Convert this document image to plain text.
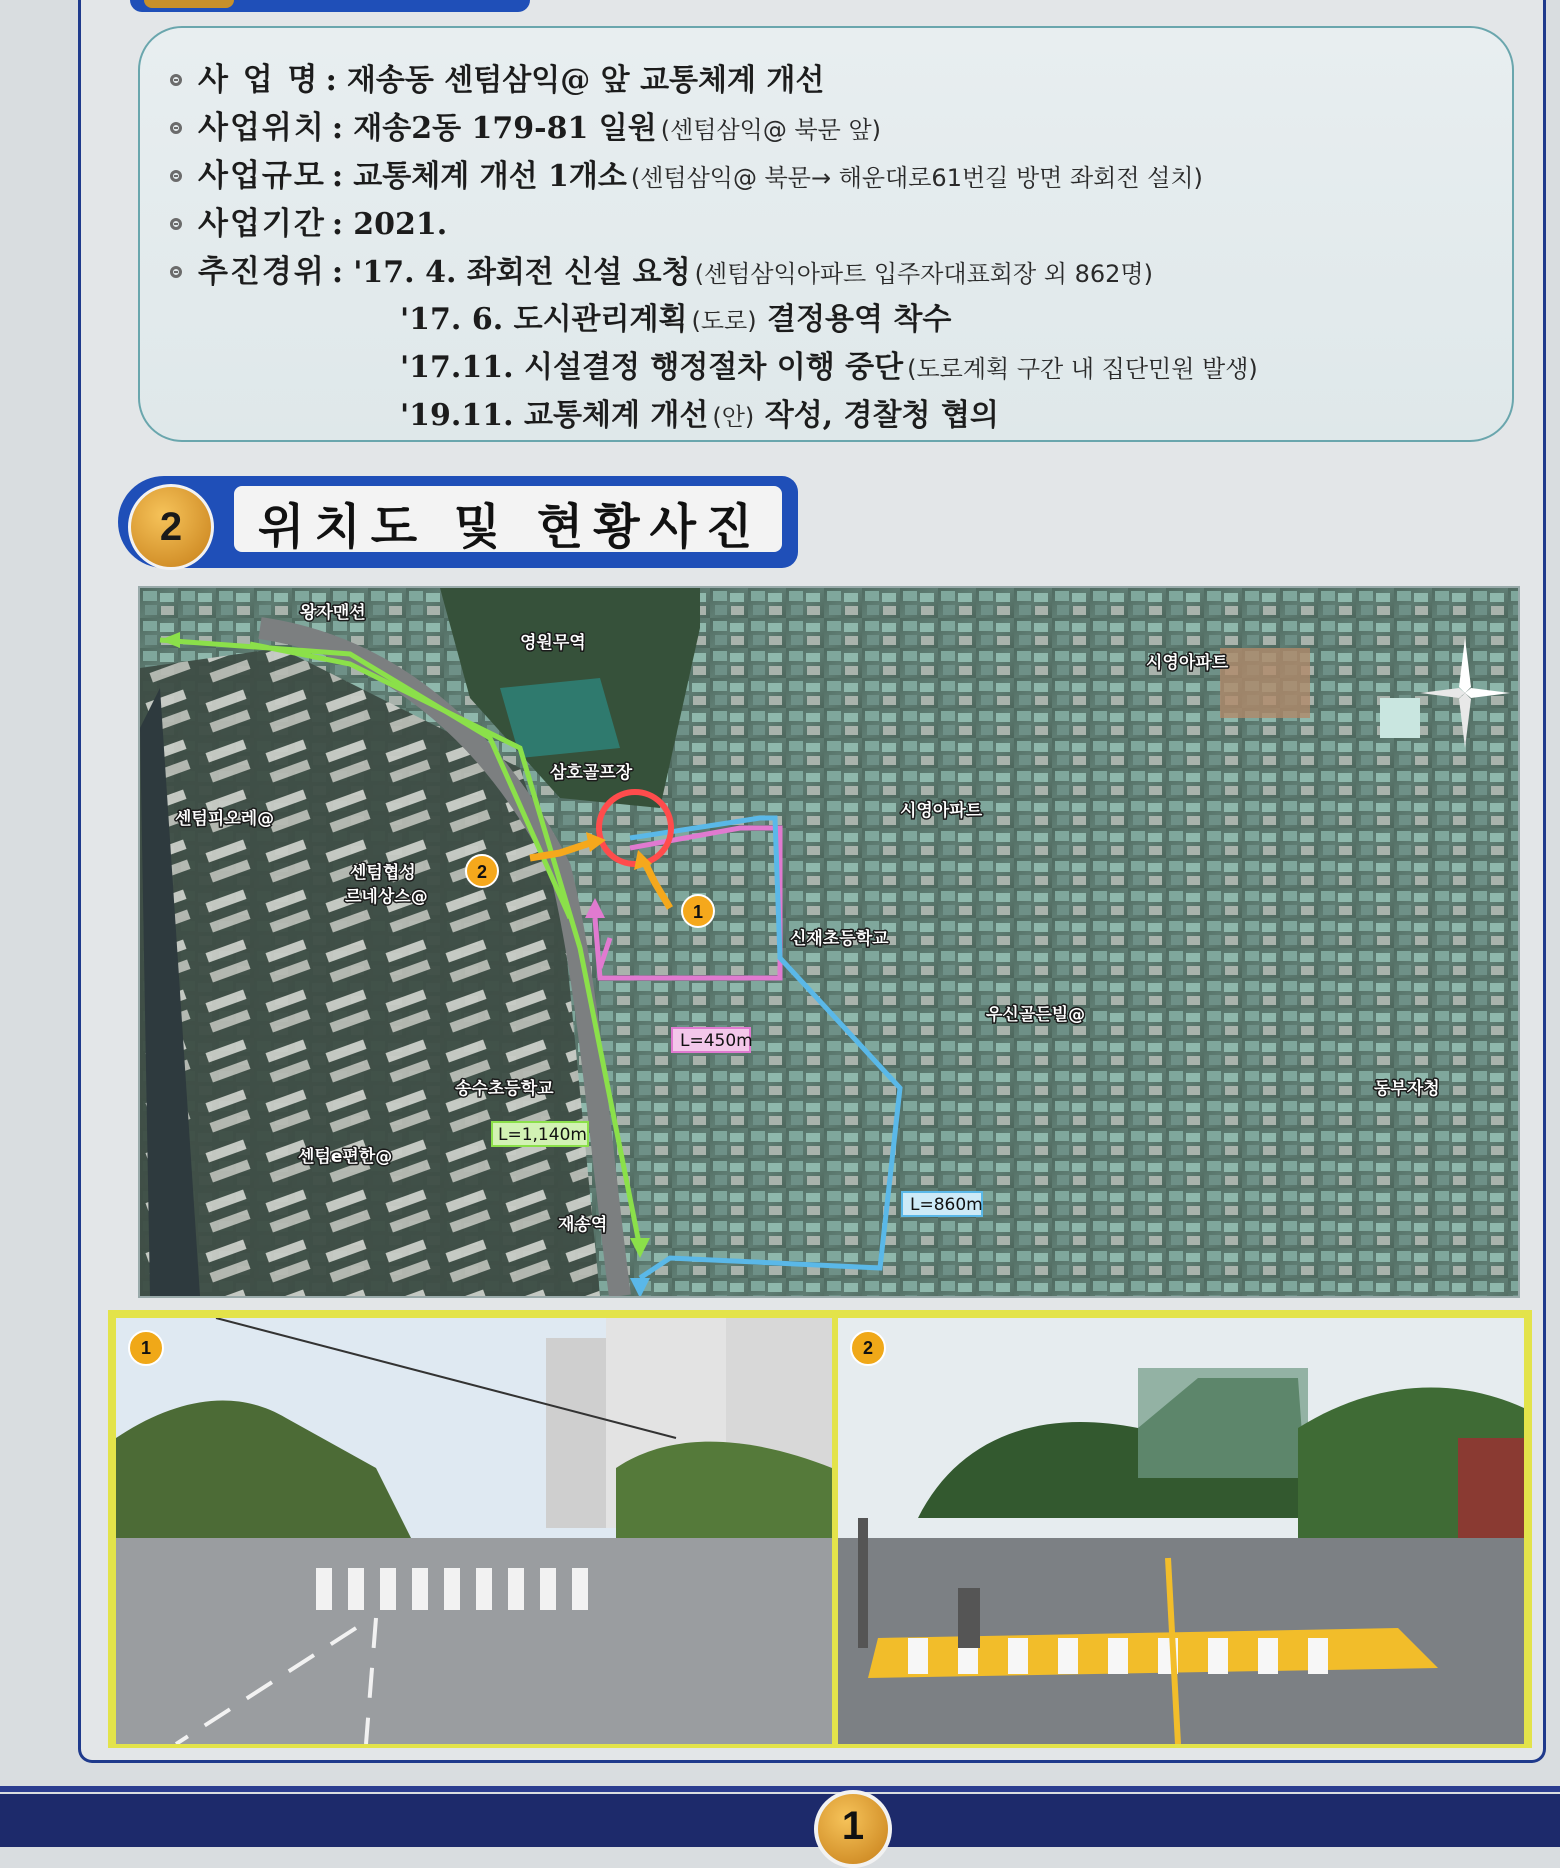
사 업 명 : 재송동 센텀삼익@ 앞 교통체계 개선
사업위치 : 재송2동 179-81 일원 (센텀삼익@ 북문 앞)
사업규모 : 교통체계 개선 1개소 (센텀삼익@ 북문→ 해운대로61번길 방면 좌회전 설치)
사업기간 : 2021.
추진경위 : '17. 4. 좌회전 신설 요청 (센텀삼익아파트 입주자대표회장 외 862명)
'17. 6. 도시관리계획 (도로) 결정용역 착수
'17.11. 시설결정 행정절차 이행 중단 (도로계획 구간 내 집단민원 발생)
'19.11. 교통체계 개선 (안) 작성, 경찰청 협의
2	위치도 및 현황사진
1
2
왕자맨션
영원무역
시영아파트
삼호골프장
시영아파트
센텀피오레@
센텀협성
르네상스@
신재초등학교
우신골든빌@
동부자청
송수초등학교
센텀e편한@
재송역
L=450m
L=1,140m
L=860m
1	2
1
